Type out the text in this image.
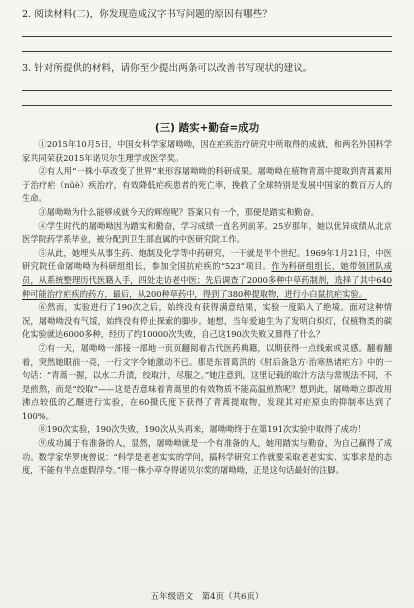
2. 阅读材料(二)，你发现造成汉字书写问题的原因有哪些？

3. 针对所提供的材料，请你至少提出两条可以改善书写现状的建议。

(三) 踏实+勤奋=成功

①2015年10月5日，中国女科学家屠呦呦，因在疟疾治疗研究中所取得的成就，和两名外国科学家共同荣获2015年诺贝尔生理学或医学奖。

②有人用“一株小草改变了世界”来形容屠呦呦的科研成果。屠呦呦在植物青蒿中提取到青蒿素用于治疗疟（nüè）疾治疗，有效降低疟疾患者的死亡率，挽救了全球特别是发展中国家的数百万人的生命。

③屠呦呦为什么能够成就今天的辉煌呢？答案只有一个，那便是踏实和勤奋。

④学生时代的屠呦呦因为踏实和勤奋，学习成绩一直名列前茅。25岁那年，她以优异成绩从北京医学院药学系毕业，被分配到卫生部直属的中医研究院工作。

⑤从此，她埋头从事生药、炮制及化学等中药研究，一干就是半个世纪。1969年1月21日，中医研究院任命屠呦呦为科研组组长，参加全国抗疟疾的“523”项目。作为科研组组长，她带领团队成员，从系统整理历代医籍入手，四处走访老中医；先后调查了2000多种中草药制剂，选择了其中640种可能治疗疟疾的药方，最后，从200种草药中，得到了380种提取物，进行小白鼠抗疟实验。

⑥然而，实验进行了190次之后，始终没有获得满意结果，实验一度陷入了绝境。面对这种情况，屠呦呦没有气馁，始终没有停止探索的脚步。她想，当年爱迪生为了发明白炽灯，仅植物类的碳化实验就达6000多种，经历了约10000次失败，自己这190次失败又算得了什么？

⑦有一天，屠呦呦一部接一部地一页页翻阅着古代医药典籍，以期获得一点线索或灵感。翻着翻着，突然她眼前一亮，一行文字令她激动不已。那是东晋葛洪的《肘后备急方·治寒热诸疟方》中的一句话：“青蒿一握，以水二升渍，绞取汁，尽服之。”她注意到，这里记载的取汁方法与常规法不同，不是煎熬，而是“绞取”——这是否意味着青蒿里的有效物质不能高温煎熬呢？想到此，屠呦呦立即改用沸点较低的乙醚进行实验，在60摄氏度下获得了青蒿提取物，发现其对疟原虫的抑制率达到了100%。

⑧190次实验，190次失败，190次从头再来，屠呦呦终于在第191次实验中取得了成功！

⑨成功属于有准备的人，显然，屠呦呦就是一个有准备的人，她用踏实与勤奋，为自己赢得了成功。数学家华罗庚曾说：“科学是老老实实的学问，搞科学研究工作就要采取老老实实、实事求是的态度，不能有半点虚假浮夸。”用一株小草夺得诺贝尔奖的屠呦呦，正是这句话最好的注脚。

五年级语文　第4页（共6页）
